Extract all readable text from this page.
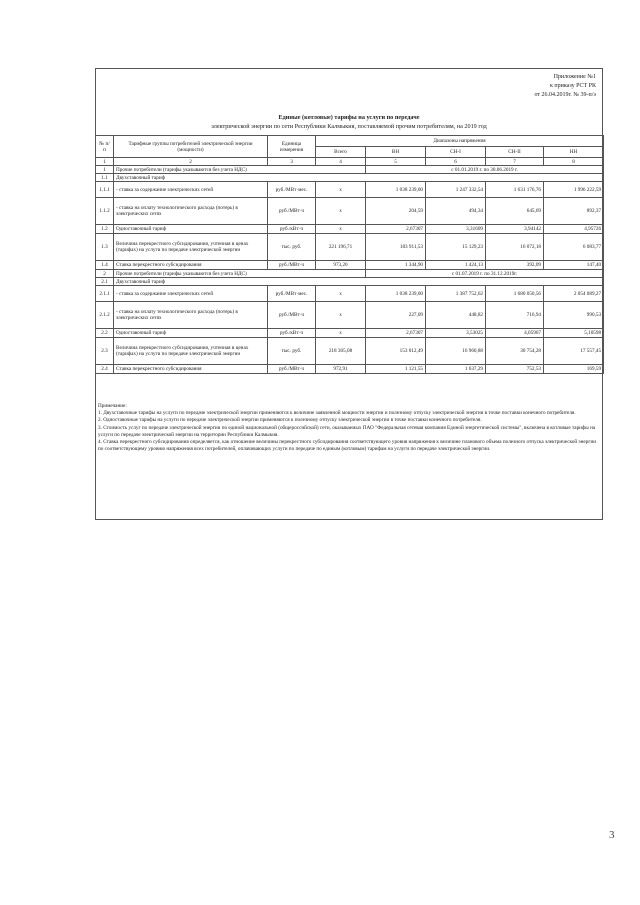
Приложение №1
к приказу РСТ РК
от 26.04.2019г. № 39-п/э
Единые (котловые) тарифы на услуги по передаче
электрической энергии по сети Республики Калмыкия, поставляемой прочим потребителям, на 2019 год
№ п/п	Тарифные группы потребителей электрической энергии (мощности)	Единица измерения	Диапазоны напряжения				
			Всего	ВН	СН-I	СН-II	НН
1	2	3	4	5	6	7	8
1	Прочие потребители (тарифы указываются без учета НДС)			с 01.01.2019 г. по 30.06.2019 г.			
1.1	Двухставочный тариф						
1.1.1	- ставка за содержание электрических сетей	руб./МВт·мес.	x	1 038 239,00	1 247 332,54	1 631 176,76	1 996 222,59
1.1.2	- ставка на оплату технологического расхода (потерь) в электрических сетях	руб./МВт·ч	x	204,59	494,34	645,69	892,37
1.2	Одноставочный тариф	руб./кВт·ч	x	2,67307	3,31609	3,94142	4,95726
1.3	Величина перекрестного субсидирования, учтенная в ценах (тарифах) на услуги по передаче электрической энергии	тыс. руб.	221 196,71	183 911,53	15 129,23	16 072,18	6 083,77
1.4	Ставка перекрестного субсидирования	руб./МВт·ч	973,20	1 344,90	1 424,13	392,09	147,40
2	Прочие потребители (тарифы указываются без учета НДС)			с 01.07.2019 г. по 31.12.2019г.			
2.1	Двухставочный тариф						
2.1.1	- ставка за содержание электрических сетей	руб./МВт·мес.	x	1 038 239,00	1 387 752,62	1 680 050,56	2 054 089,27
2.1.2	- ставка на оплату технологического расхода (потерь) в электрических сетях	руб./МВт·ч	x	227,09	448,82	716,94	990,53
2.2	Одноставочный тариф	руб./кВт·ч	x	2,67307	3,53025	4,05967	5,10598
2.3	Величина перекрестного субсидирования, учтенная в ценах (тарифах) на услуги по передаче электрической энергии	тыс. руб.	218 305,08	153 012,49	16 960,88	30 754,28	17 557,45
2.4	Ставка перекрестного субсидирования	руб./МВт·ч	972,91	1 121,55	1 637,29	752,53	169,59

Примечание:

1. Двухставочные тарифы на услуги по передаче электрической энергии применяются к величине заявленной мощности энергии и полезному отпуску электрической энергии в точке поставки конечного потребителя.

2. Одноставочные тарифы на услуги по передаче электрической энергии применяются к полезному отпуску электрической энергии в точке поставки конечного потребителя.

3. Стоимость услуг по передаче электрической энергии по единой национальной (общероссийской) сети, оказываемых ПАО "Федеральная сетевая компания Единой энергетической системы", включена в котловые тарифы на услуги по передаче электрической энергии на территории Республики Калмыкия.

4. Ставка перекрестного субсидирования определяется, как отношение величины перекрестного субсидирования соответствующего уровня напряжения к величине планового объема полезного отпуска электрической энергии по соответствующему уровню напряжения всех потребителей, оплачивающих услуги по передаче по единым (котловым) тарифам на услуги по передаче электрической энергии.

3
